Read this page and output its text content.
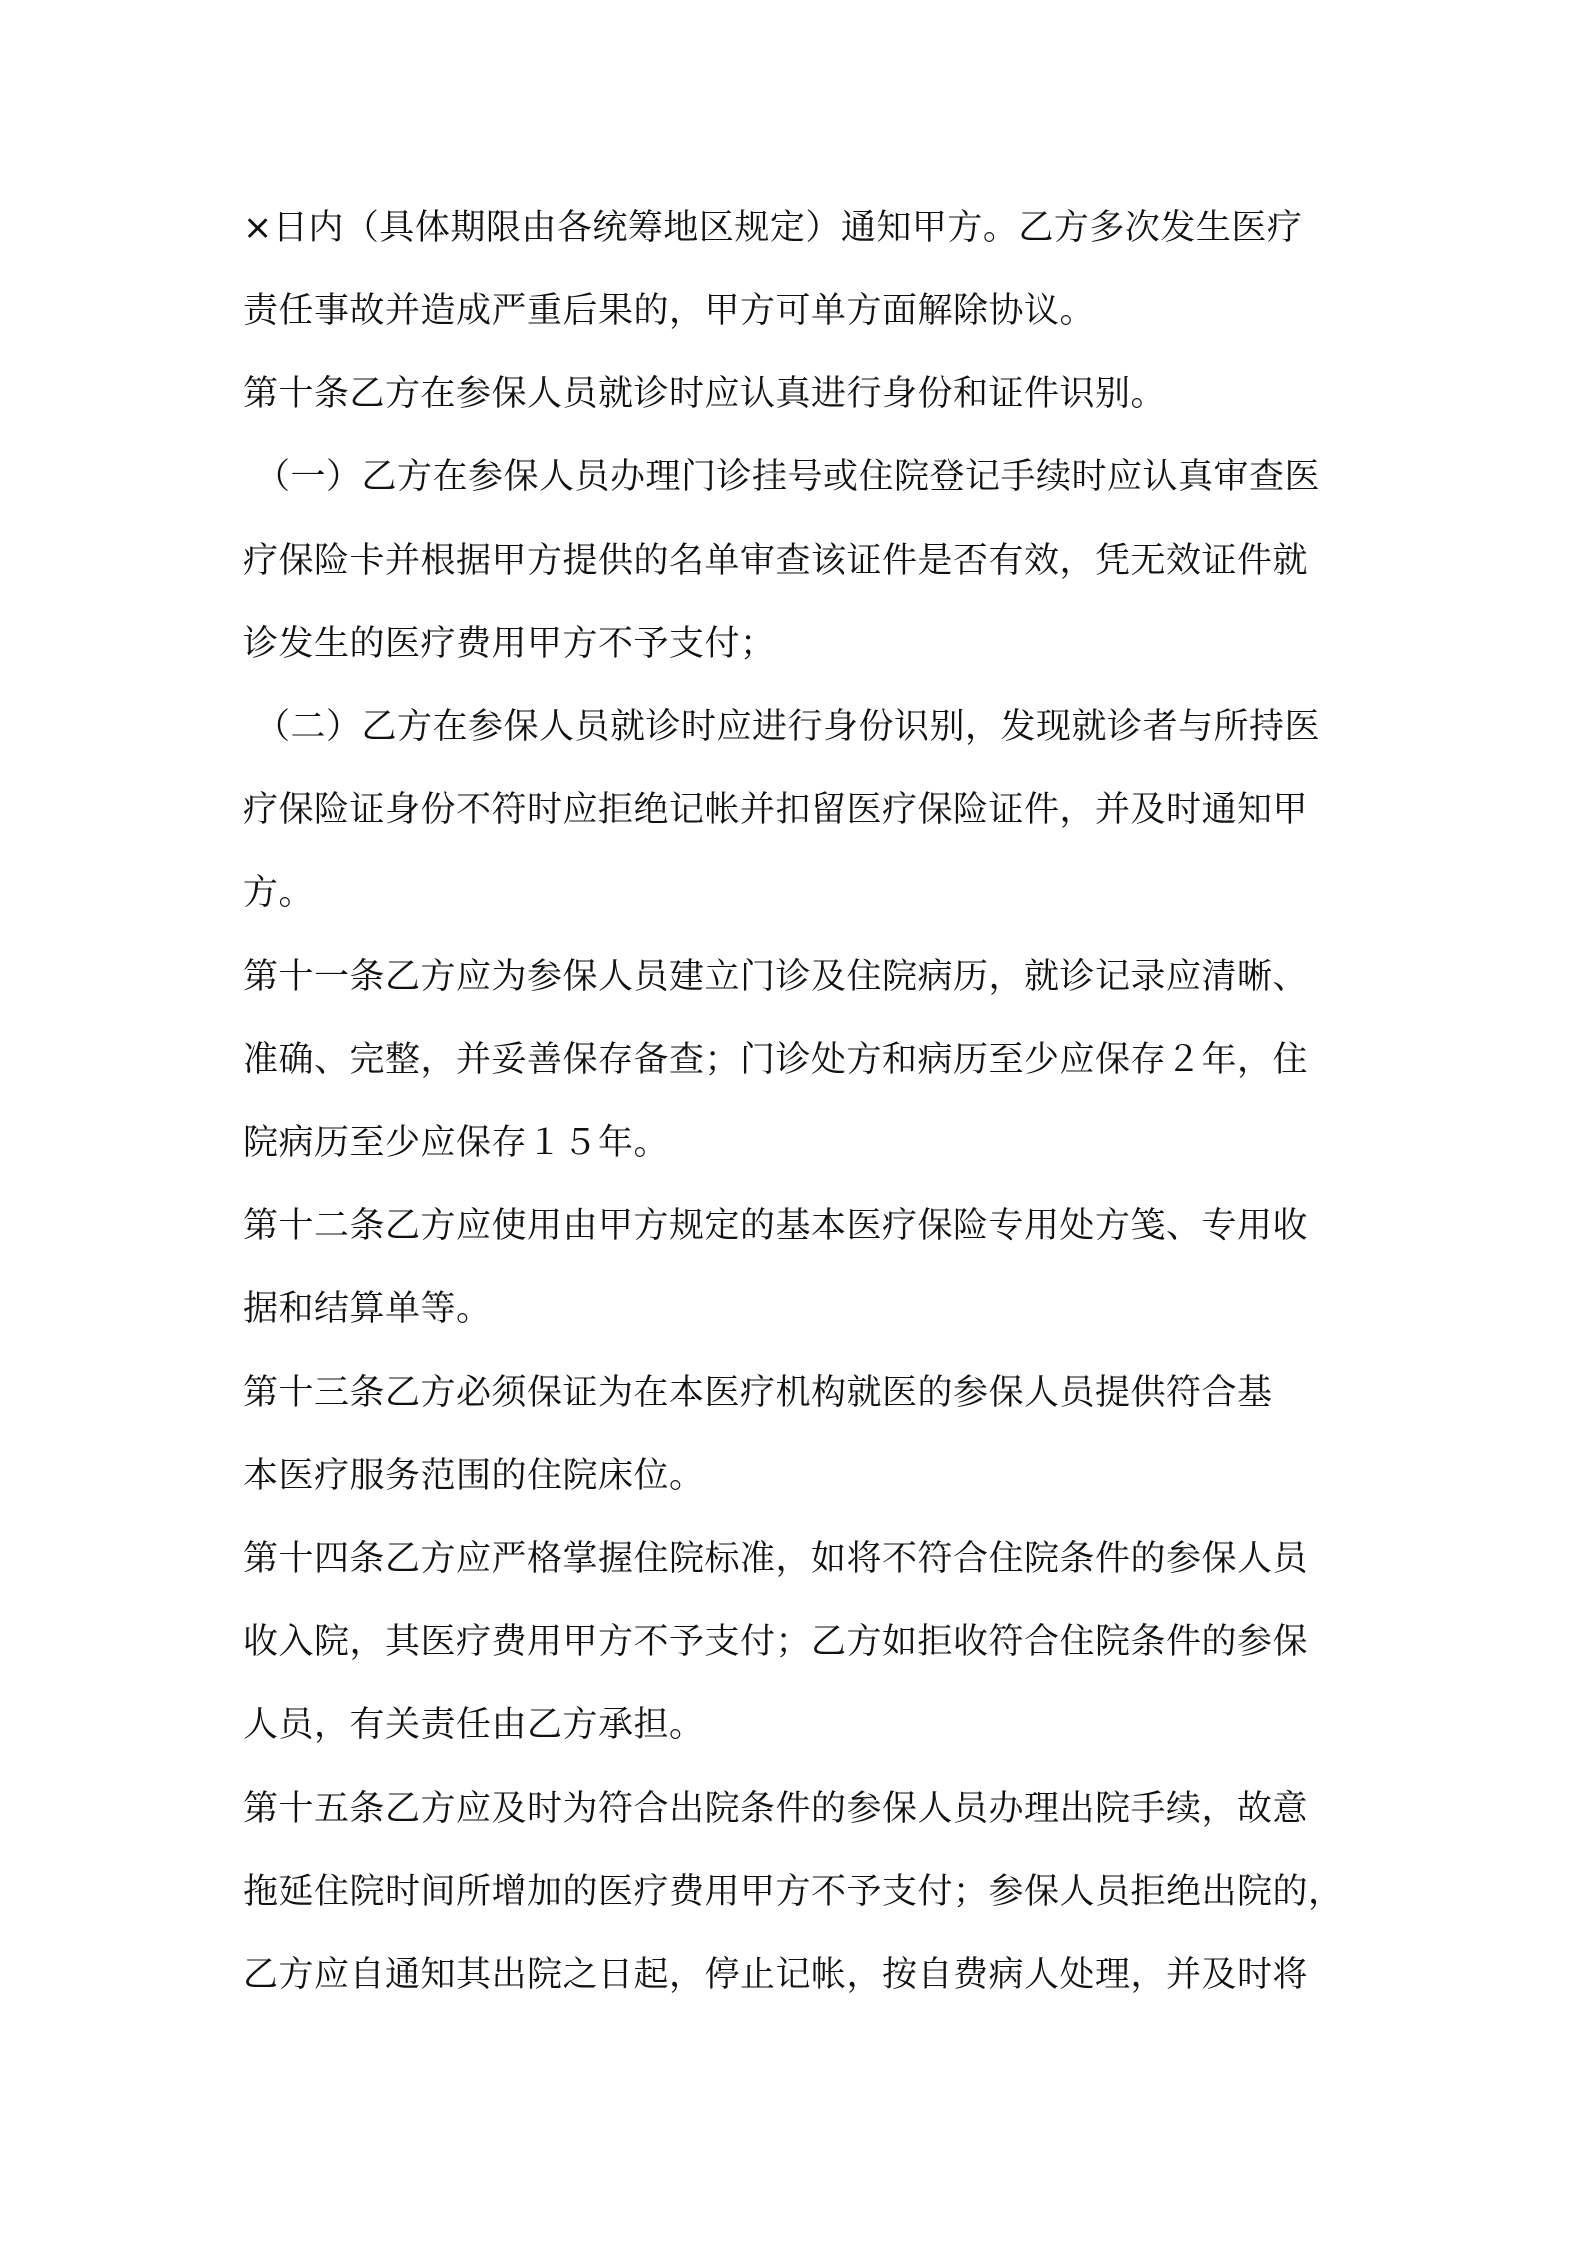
×日内（具体期限由各统筹地区规定）通知甲方。乙方多次发生医疗

责任事故并造成严重后果的，甲方可单方面解除协议。

第十条乙方在参保人员就诊时应认真进行身份和证件识别。

（一）乙方在参保人员办理门诊挂号或住院登记手续时应认真审查医

疗保险卡并根据甲方提供的名单审查该证件是否有效，凭无效证件就

诊发生的医疗费用甲方不予支付；

（二）乙方在参保人员就诊时应进行身份识别，发现就诊者与所持医

疗保险证身份不符时应拒绝记帐并扣留医疗保险证件，并及时通知甲

方。

第十一条乙方应为参保人员建立门诊及住院病历，就诊记录应清晰、

准确、完整，并妥善保存备查；门诊处方和病历至少应保存２年，住

院病历至少应保存１５年。

第十二条乙方应使用由甲方规定的基本医疗保险专用处方笺、专用收

据和结算单等。

第十三条乙方必须保证为在本医疗机构就医的参保人员提供符合基

本医疗服务范围的住院床位。

第十四条乙方应严格掌握住院标准，如将不符合住院条件的参保人员

收入院，其医疗费用甲方不予支付；乙方如拒收符合住院条件的参保

人员，有关责任由乙方承担。

第十五条乙方应及时为符合出院条件的参保人员办理出院手续，故意

拖延住院时间所增加的医疗费用甲方不予支付；参保人员拒绝出院的，

乙方应自通知其出院之日起，停止记帐，按自费病人处理，并及时将
